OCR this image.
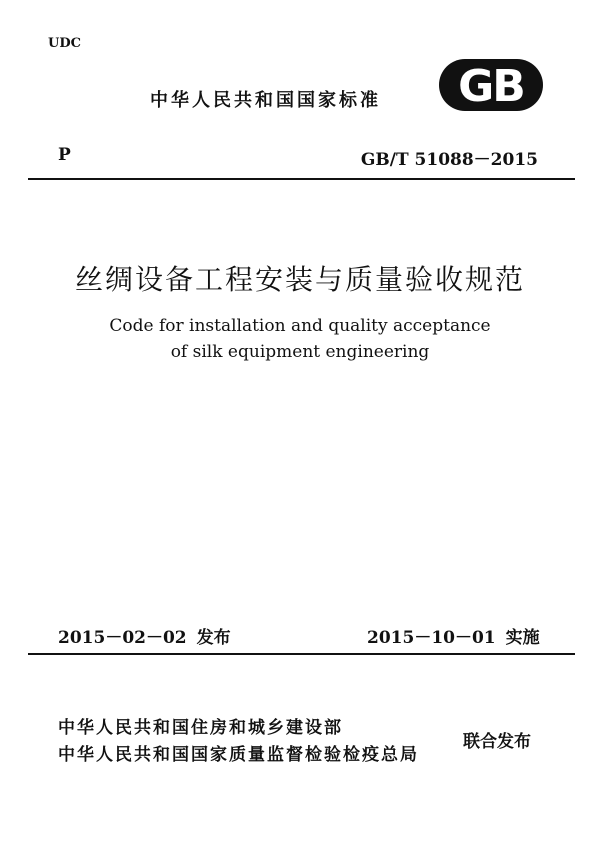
UDC
中华人民共和国国家标准 GB
P	GB/T 51088－2015
丝绸设备工程安装与质量验收规范
Code for installation and quality acceptance
of silk equipment engineering
2015－02－02 发布	2015－10－01 实施
中华人民共和国住房和城乡建设部
中华人民共和国国家质量监督检验检疫总局
联合发布
